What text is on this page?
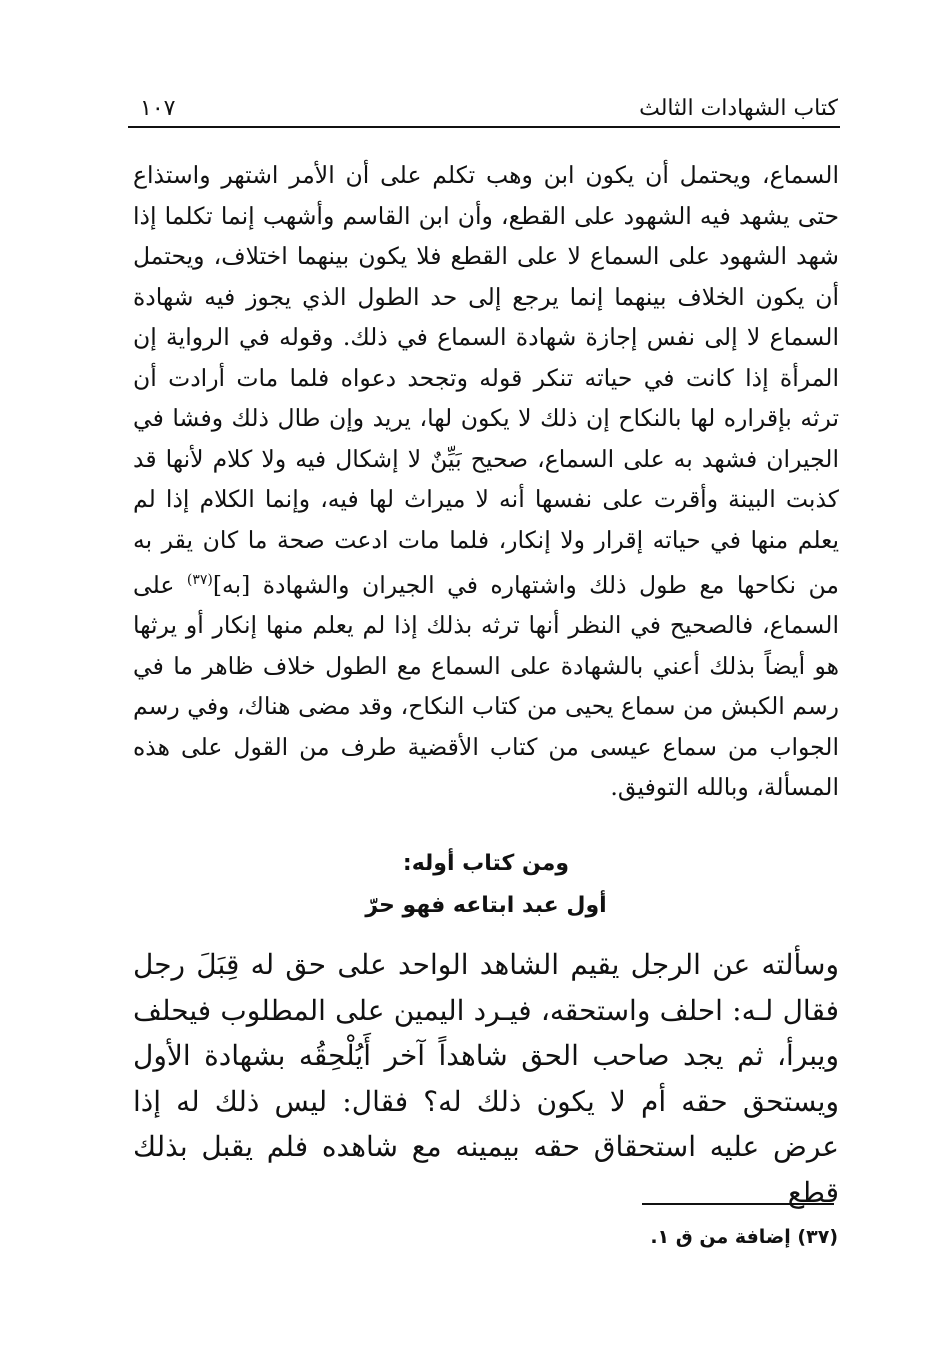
كتاب الشهادات الثالث
١٠٧

السماع، ويحتمل أن يكون ابن وهب تكلم على أن الأمر اشتهر واستذاع حتى يشهد فيه الشهود على القطع، وأن ابن القاسم وأشهب إنما تكلما إذا شهد الشهود على السماع لا على القطع فلا يكون بينهما اختلاف، ويحتمل أن يكون الخلاف بينهما إنما يرجع إلى حد الطول الذي يجوز فيه شهادة السماع لا إلى نفس إجازة شهادة السماع في ذلك. وقوله في الرواية إن المرأة إذا كانت في حياته تنكر قوله وتجحد دعواه فلما مات أرادت أن ترثه بإقراره لها بالنكاح إن ذلك لا يكون لها، يريد وإن طال ذلك وفشا في الجيران فشهد به على السماع، صحيح بَيِّنٌ لا إشكال فيه ولا كلام لأنها قد كذبت البينة وأقرت على نفسها أنه لا ميراث لها فيه، وإنما الكلام إذا لم يعلم منها في حياته إقرار ولا إنكار، فلما مات ادعت صحة ما كان يقر به من نكاحها مع طول ذلك واشتهاره في الجيران والشهادة [به]$^{(٣٧)}$ على السماع، فالصحيح في النظر أنها ترثه بذلك إذا لم يعلم منها إنكار أو يرثها هو أيضاً بذلك أعني بالشهادة على السماع مع الطول خلاف ظاهر ما في رسم الكبش من سماع يحيى من كتاب النكاح، وقد مضى هناك، وفي رسم الجواب من سماع عيسى من كتاب الأقضية طرف من القول على هذه المسألة، وبالله التوفيق.

ومن كتاب أوله:
أول عبد ابتاعه فهو حرّ

وسألته عن الرجل يقيم الشاهد الواحد على حق له قِبَلَ رجل فقال لـه: احلف واستحقه، فيـرد اليمين على المطلوب فيحلف ويبرأ، ثم يجد صاحب الحق شاهداً آخر أَيُلْحِقُه بشهادة الأول ويستحق حقه أم لا يكون ذلك له؟ فقال: ليس ذلك له إذا عرض عليه استحقاق حقه بيمينه مع شاهده فلم يقبل بذلك قطع

(٣٧) إضافة من ق ١.
